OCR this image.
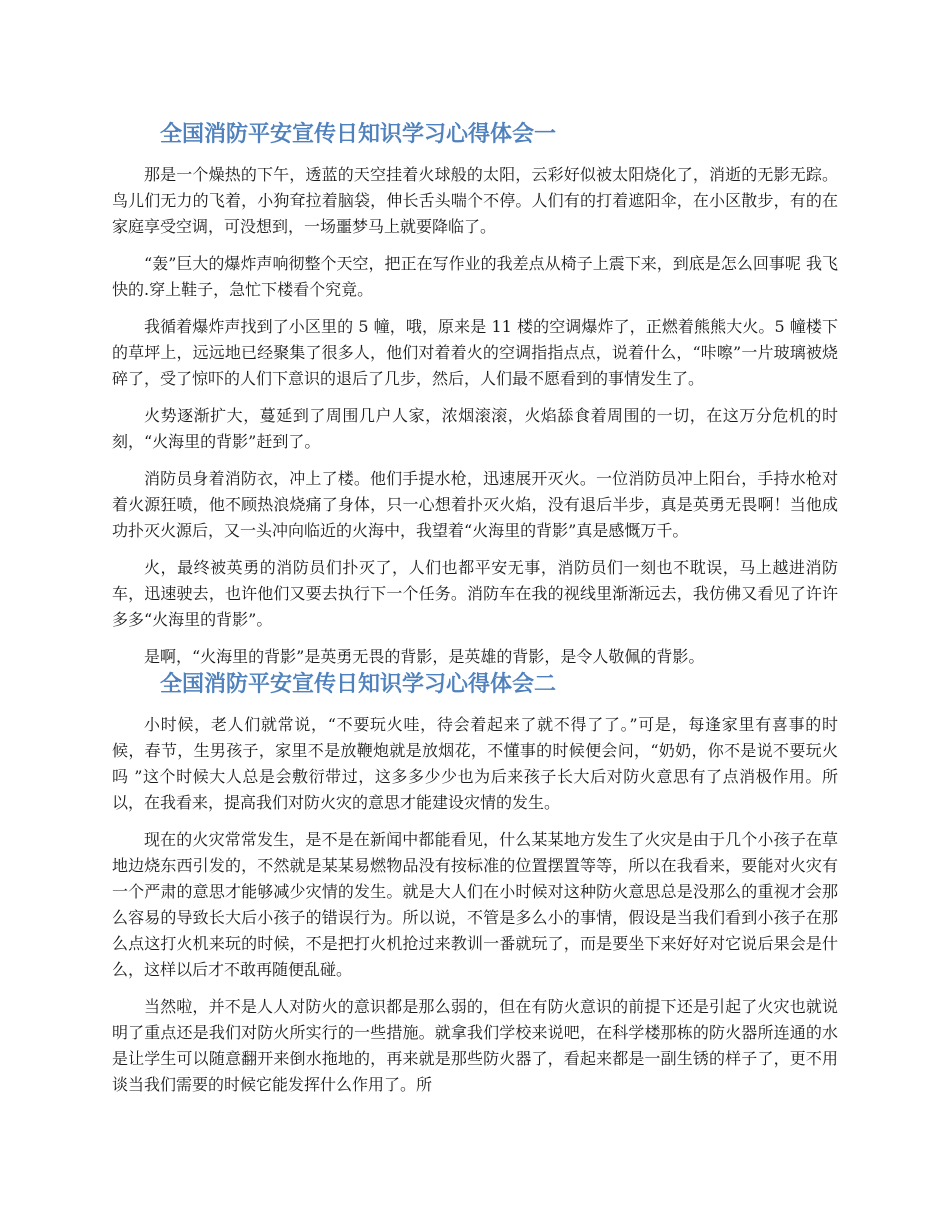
全国消防平安宣传日知识学习心得体会一

那是一个燥热的下午，透蓝的天空挂着火球般的太阳，云彩好似被太阳烧化了，消逝的无影无踪。鸟儿们无力的飞着，小狗耷拉着脑袋，伸长舌头喘个不停。人们有的打着遮阳伞，在小区散步，有的在家庭享受空调，可没想到，一场噩梦马上就要降临了。

“轰”巨大的爆炸声响彻整个天空，把正在写作业的我差点从椅子上震下来，到底是怎么回事呢 我飞快的.穿上鞋子，急忙下楼看个究竟。

我循着爆炸声找到了小区里的 5 幢，哦，原来是 11 楼的空调爆炸了，正燃着熊熊大火。5 幢楼下的草坪上，远远地已经聚集了很多人，他们对着着火的空调指指点点，说着什么，“咔嚓”一片玻璃被烧碎了，受了惊吓的人们下意识的退后了几步，然后，人们最不愿看到的事情发生了。

火势逐渐扩大，蔓延到了周围几户人家，浓烟滚滚，火焰舔食着周围的一切，在这万分危机的时刻，“火海里的背影”赶到了。

消防员身着消防衣，冲上了楼。他们手提水枪，迅速展开灭火。一位消防员冲上阳台，手持水枪对着火源狂喷，他不顾热浪烧痛了身体，只一心想着扑灭火焰，没有退后半步，真是英勇无畏啊！当他成功扑灭火源后，又一头冲向临近的火海中，我望着“火海里的背影”真是感慨万千。

火，最终被英勇的消防员们扑灭了，人们也都平安无事，消防员们一刻也不耽误，马上越进消防车，迅速驶去，也许他们又要去执行下一个任务。消防车在我的视线里渐渐远去，我仿佛又看见了许许多多“火海里的背影”。

是啊，“火海里的背影”是英勇无畏的背影，是英雄的背影，是令人敬佩的背影。

全国消防平安宣传日知识学习心得体会二

小时候，老人们就常说，“不要玩火哇，待会着起来了就不得了了。”可是，每逢家里有喜事的时候，春节，生男孩子，家里不是放鞭炮就是放烟花，不懂事的时候便会问，“奶奶，你不是说不要玩火吗 ”这个时候大人总是会敷衍带过，这多多少少也为后来孩子长大后对防火意思有了点消极作用。所以，在我看来，提高我们对防火灾的意思才能建设灾情的发生。

现在的火灾常常发生，是不是在新闻中都能看见，什么某某地方发生了火灾是由于几个小孩子在草地边烧东西引发的，不然就是某某易燃物品没有按标准的位置摆置等等，所以在我看来，要能对火灾有一个严肃的意思才能够减少灾情的发生。就是大人们在小时候对这种防火意思总是没那么的重视才会那么容易的导致长大后小孩子的错误行为。所以说，不管是多么小的事情，假设是当我们看到小孩子在那么点这打火机来玩的时候，不是把打火机抢过来教训一番就玩了，而是要坐下来好好对它说后果会是什么，这样以后才不敢再随便乱碰。

当然啦，并不是人人对防火的意识都是那么弱的，但在有防火意识的前提下还是引起了火灾也就说明了重点还是我们对防火所实行的一些措施。就拿我们学校来说吧，在科学楼那栋的防火器所连通的水是让学生可以随意翻开来倒水拖地的，再来就是那些防火器了，看起来都是一副生锈的样子了，更不用谈当我们需要的时候它能发挥什么作用了。所
